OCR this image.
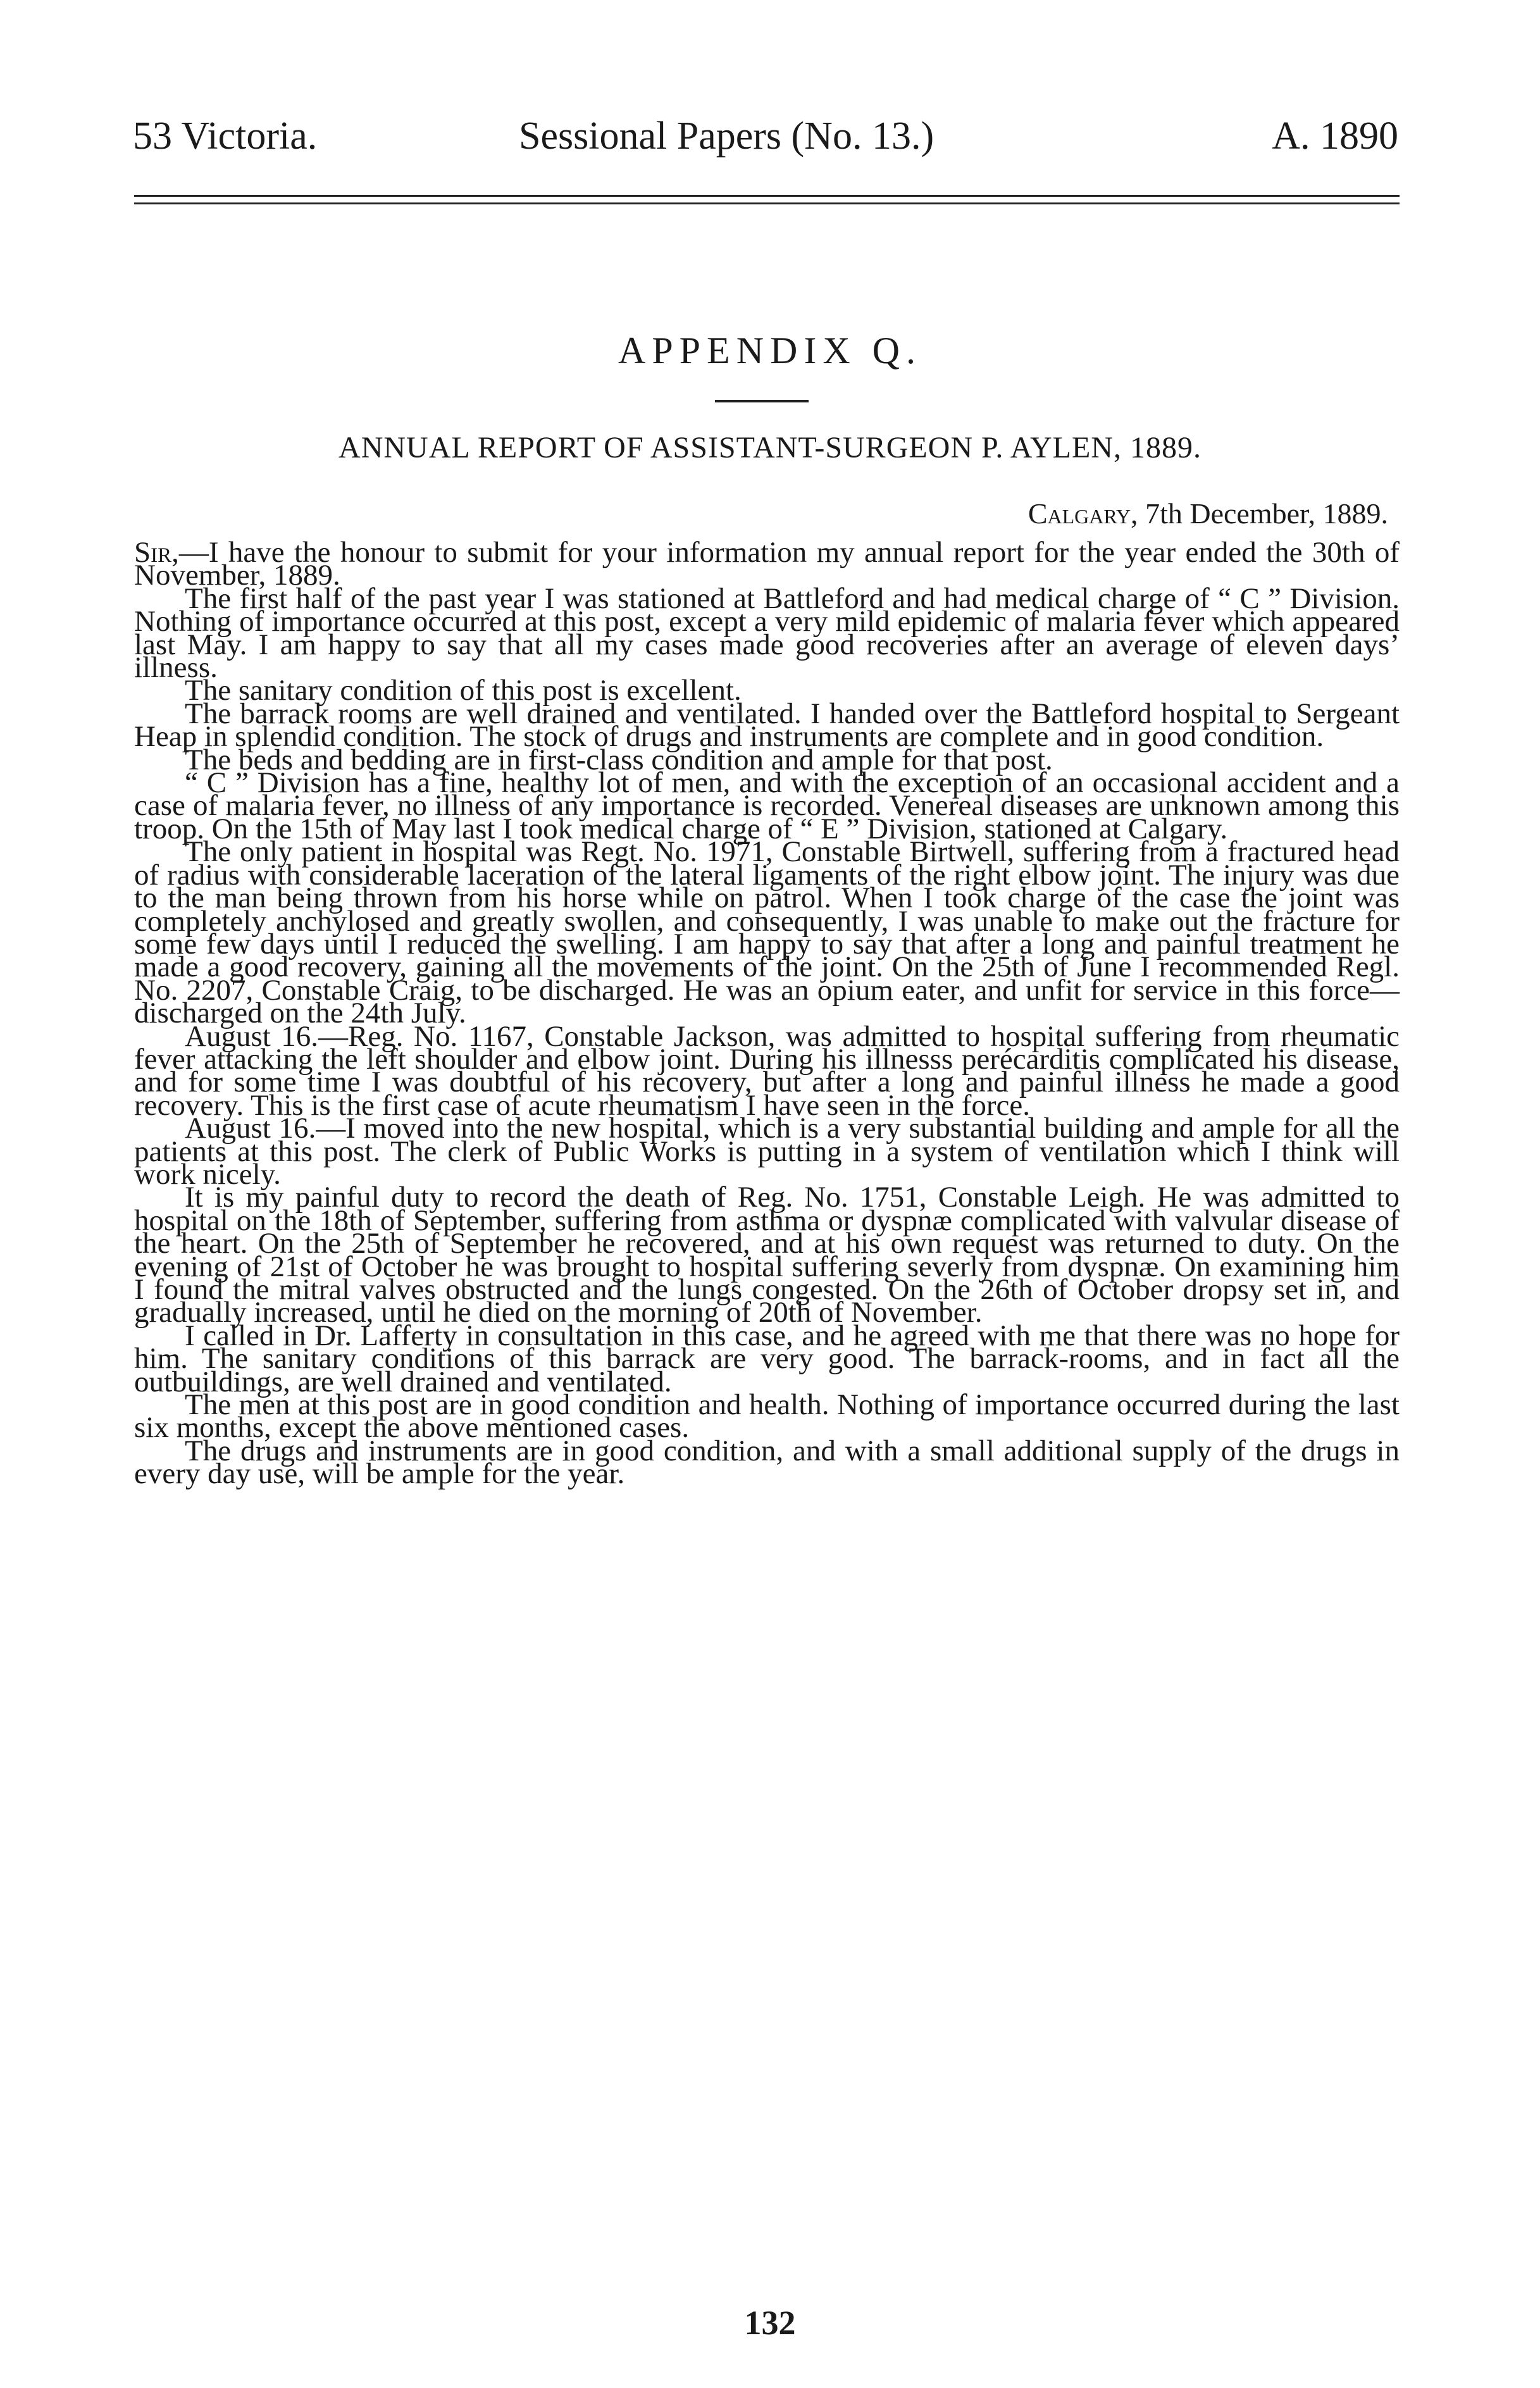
53 Victoria.	Sessional Papers (No. 13.)	A. 1890
APPENDIX Q.
ANNUAL REPORT OF ASSISTANT-SURGEON P. AYLEN, 1889.
Calgary, 7th December, 1889.

Sir,—I have the honour to submit for your information my annual report for the year ended the 30th of November, 1889.

The first half of the past year I was stationed at Battleford and had medical charge of “ C ” Division. Nothing of importance occurred at this post, except a very mild epidemic of malaria fever which appeared last May. I am happy to say that all my cases made good recoveries after an average of eleven days’ illness.

The sanitary condition of this post is excellent.

The barrack rooms are well drained and ventilated. I handed over the Battleford hospital to Sergeant Heap in splendid condition. The stock of drugs and instruments are complete and in good condition.

The beds and bedding are in first-class condition and ample for that post.

“ C ” Division has a fine, healthy lot of men, and with the exception of an occasional accident and a case of malaria fever, no illness of any importance is recorded. Venereal diseases are unknown among this troop. On the 15th of May last I took medical charge of “ E ” Division, stationed at Calgary.

The only patient in hospital was Regt. No. 1971, Constable Birtwell, suffering from a fractured head of radius with considerable laceration of the lateral ligaments of the right elbow joint. The injury was due to the man being thrown from his horse while on patrol. When I took charge of the case the joint was completely anchylosed and greatly swollen, and consequently, I was unable to make out the fracture for some few days until I reduced the swelling. I am happy to say that after a long and painful treatment he made a good recovery, gaining all the movements of the joint. On the 25th of June I recommended Regl. No. 2207, Constable Craig, to be discharged. He was an opium eater, and unfit for service in this force—discharged on the 24th July.

August 16.—Reg. No. 1167, Constable Jackson, was admitted to hospital suffering from rheumatic fever attacking the left shoulder and elbow joint. During his illnesss perécarditis complicated his disease, and for some time I was doubtful of his recovery, but after a long and painful illness he made a good recovery. This is the first case of acute rheumatism I have seen in the force.

August 16.—I moved into the new hospital, which is a very substantial building and ample for all the patients at this post. The clerk of Public Works is putting in a system of ventilation which I think will work nicely.

It is my painful duty to record the death of Reg. No. 1751, Constable Leigh. He was admitted to hospital on the 18th of September, suffering from asthma or dyspnæ complicated with valvular disease of the heart. On the 25th of September he recovered, and at his own request was returned to duty. On the evening of 21st of October he was brought to hospital suffering severly from dyspnæ. On examining him I found the mitral valves obstructed and the lungs congested. On the 26th of October dropsy set in, and gradually increased, until he died on the morning of 20th of November.

I called in Dr. Lafferty in consultation in this case, and he agreed with me that there was no hope for him. The sanitary conditions of this barrack are very good. The barrack-rooms, and in fact all the outbuildings, are well drained and ventilated.

The men at this post are in good condition and health. Nothing of importance occurred during the last six months, except the above mentioned cases.

The drugs and instruments are in good condition, and with a small additional supply of the drugs in every day use, will be ample for the year.

132
